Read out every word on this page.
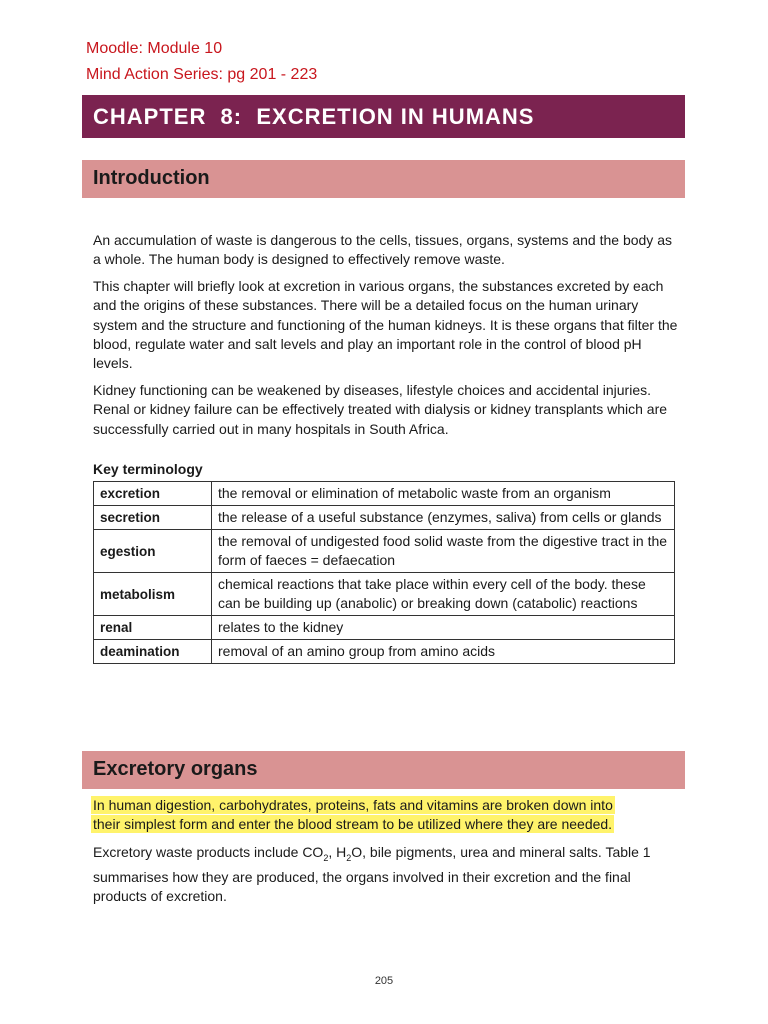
Moodle: Module 10
Mind Action Series: pg 201 - 223
CHAPTER  8:  EXCRETION IN HUMANS
Introduction

An accumulation of waste is dangerous to the cells, tissues, organs, systems and the body as a whole. The human body is designed to effectively remove waste.

This chapter will briefly look at excretion in various organs, the substances excreted by each and the origins of these substances. There will be a detailed focus on the human urinary system and the structure and functioning of the human kidneys. It is these organs that filter the blood, regulate water and salt levels and play an important role in the control of blood pH levels.

Kidney functioning can be weakened by diseases, lifestyle choices and accidental injuries. Renal or kidney failure can be effectively treated with dialysis or kidney transplants which are successfully carried out in many hospitals in South Africa.

Key terminology
excretion	the removal or elimination of metabolic waste from an organism
secretion	the release of a useful substance (enzymes, saliva) from cells or glands
egestion	the removal of undigested food solid waste from the digestive tract in the form of faeces = defaecation
metabolism	chemical reactions that take place within every cell of the body. these can be building up (anabolic) or breaking down (catabolic) reactions
renal	relates to the kidney
deamination	removal of an amino group from amino acids
Excretory organs
In human digestion, carbohydrates, proteins, fats and vitamins are broken down into
their simplest form and enter the blood stream to be utilized where they are needed.

Excretory waste products include $CO_2$, $H_2O$, bile pigments, urea and mineral salts. Table 1 summarises how they are produced, the organs involved in their excretion and the final products of excretion.

205
